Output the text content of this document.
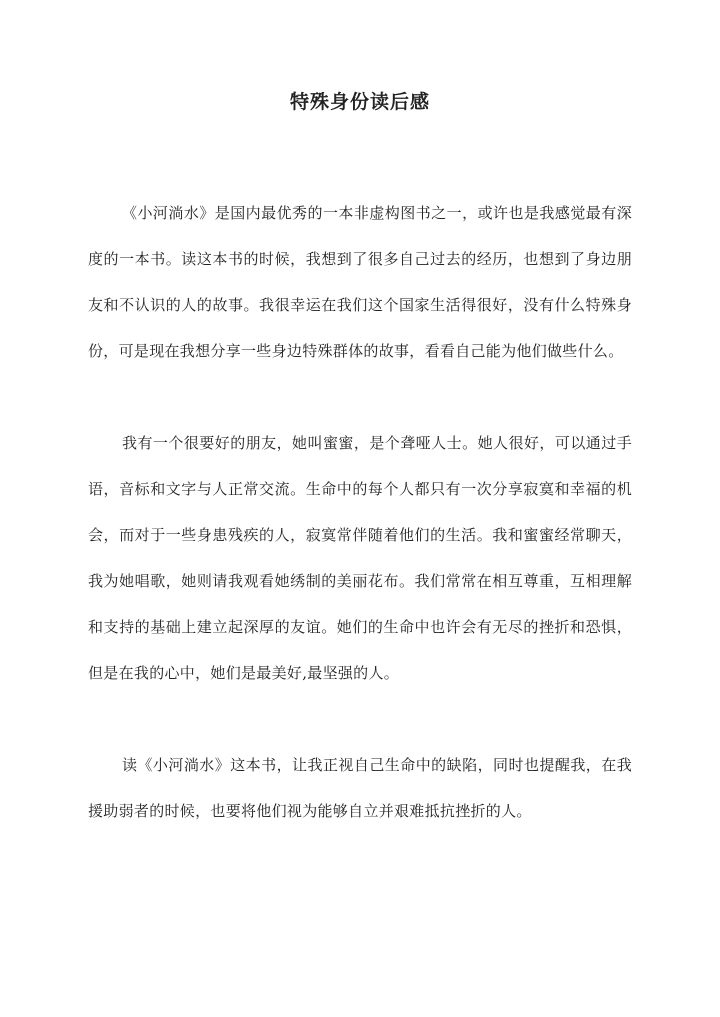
特殊身份读后感

《小河淌水》是国内最优秀的一本非虚构图书之一，或许也是我感觉最有深度的一本书。读这本书的时候，我想到了很多自己过去的经历，也想到了身边朋友和不认识的人的故事。我很幸运在我们这个国家生活得很好，没有什么特殊身份，可是现在我想分享一些身边特殊群体的故事，看看自己能为他们做些什么。

我有一个很要好的朋友，她叫蜜蜜，是个聋哑人士。她人很好，可以通过手语，音标和文字与人正常交流。生命中的每个人都只有一次分享寂寞和幸福的机会，而对于一些身患残疾的人，寂寞常伴随着他们的生活。我和蜜蜜经常聊天，我为她唱歌，她则请我观看她绣制的美丽花布。我们常常在相互尊重，互相理解和支持的基础上建立起深厚的友谊。她们的生命中也许会有无尽的挫折和恐惧，但是在我的心中，她们是最美好,最坚强的人。

读《小河淌水》这本书，让我正视自己生命中的缺陷，同时也提醒我，在我援助弱者的时候，也要将他们视为能够自立并艰难抵抗挫折的人。
